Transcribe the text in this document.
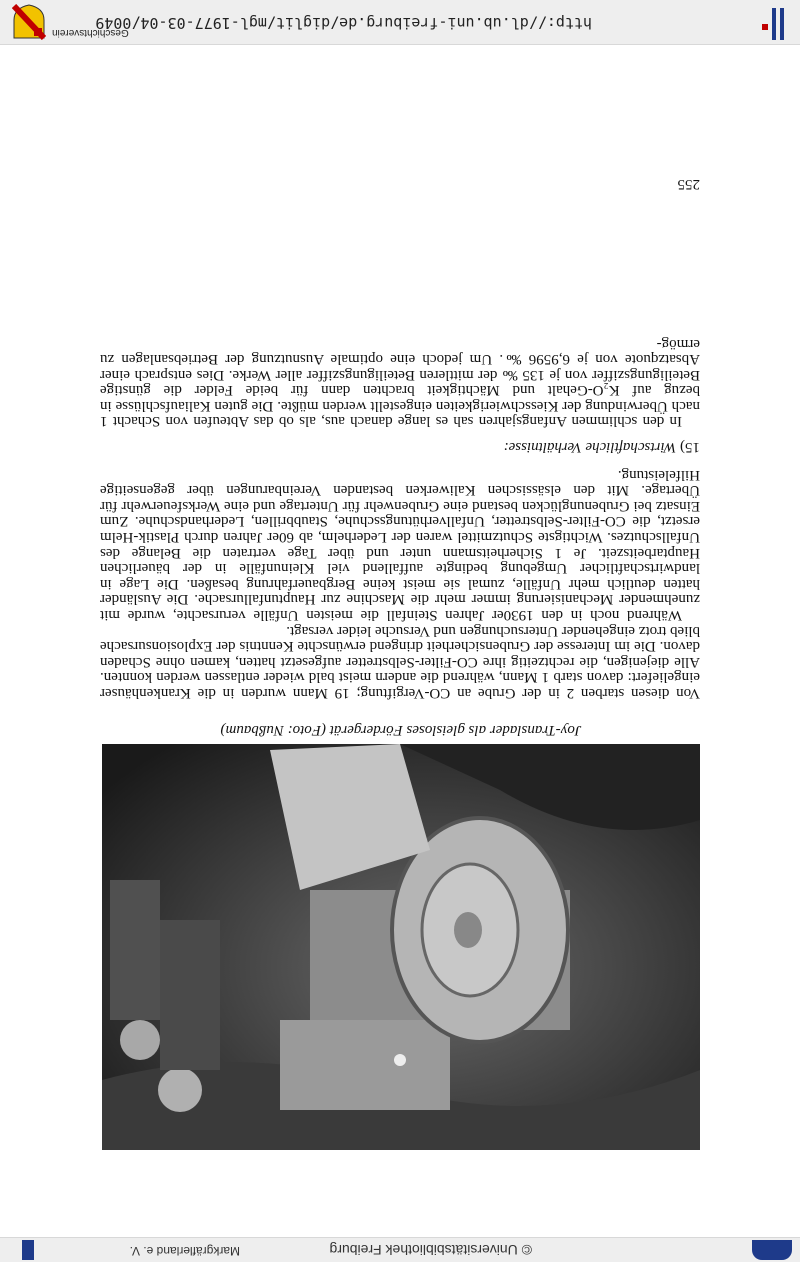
© Universitätsbibliothek Freiburg
Markgräflerland e. V.
Joy-Translader als gleisloses Fördergerät (Foto: Nußbaum)

Von diesen starben 2 in der Grube an CO-Vergiftung; 19 Mann wurden in die Krankenhäuser eingeliefert: davon starb 1 Mann, während die andern meist bald wieder entlassen werden konnten. Alle diejenigen, die rechtzeitig ihre CO-Filter-Selbstretter aufgesetzt hatten, kamen ohne Schaden davon. Die im Interesse der Grubensicherheit dringend erwünschte Kenntnis der Explosionsursache blieb trotz eingehender Untersuchungen und Versuche leider versagt.

Während noch in den 1930er Jahren Steinfall die meisten Unfälle verursachte, wurde mit zunehmender Mechanisierung immer mehr die Maschine zur Hauptunfallursache. Die Ausländer hatten deutlich mehr Unfälle, zumal sie meist keine Bergbauerfahrung besaßen. Die Lage in landwirtschaftlicher Umgebung bedingte auffallend viel Kleinunfälle in der bäuerlichen Hauptarbeitszeit. Je 1 Sicherheitsmann unter und über Tage vertraten die Belange des Unfallschutzes. Wichtigste Schutzmittel waren der Lederhelm, ab 60er Jahren durch Plastik-Helm ersetzt, die CO-Filter-Selbstretter, Unfallverhütungsschuhe, Staubbrillen, Lederhandschuhe. Zum Einsatz bei Grubenunglücken bestand eine Grubenwehr für Untertage und eine Werksfeuerwehr für Übertage. Mit den elsässischen Kaliwerken bestanden Vereinbarungen über gegenseitige Hilfeleistung.

15) Wirtschaftliche Verhältnisse:

In den schlimmen Anfangsjahren sah es lange danach aus, als ob das Abteufen von Schacht 1 nach Überwindung der Kiesschwierigkeiten eingestellt werden müßte. Die guten Kaliaufschlüsse in bezug auf K₂O-Gehalt und Mächtigkeit brachten dann für beide Felder die günstige Beteiligungsziffer von je 135 ‰ der mittleren Beteiligungsziffer aller Werke. Dies entsprach einer Absatzquote von je 6,9596 ‰. Um jedoch eine optimale Ausnutzung der Betriebsanlagen zu ermög-

255
http://dl.ub.uni-freiburg.de/diglit/mgl-1977-03-04/0049
Geschichtsverein
